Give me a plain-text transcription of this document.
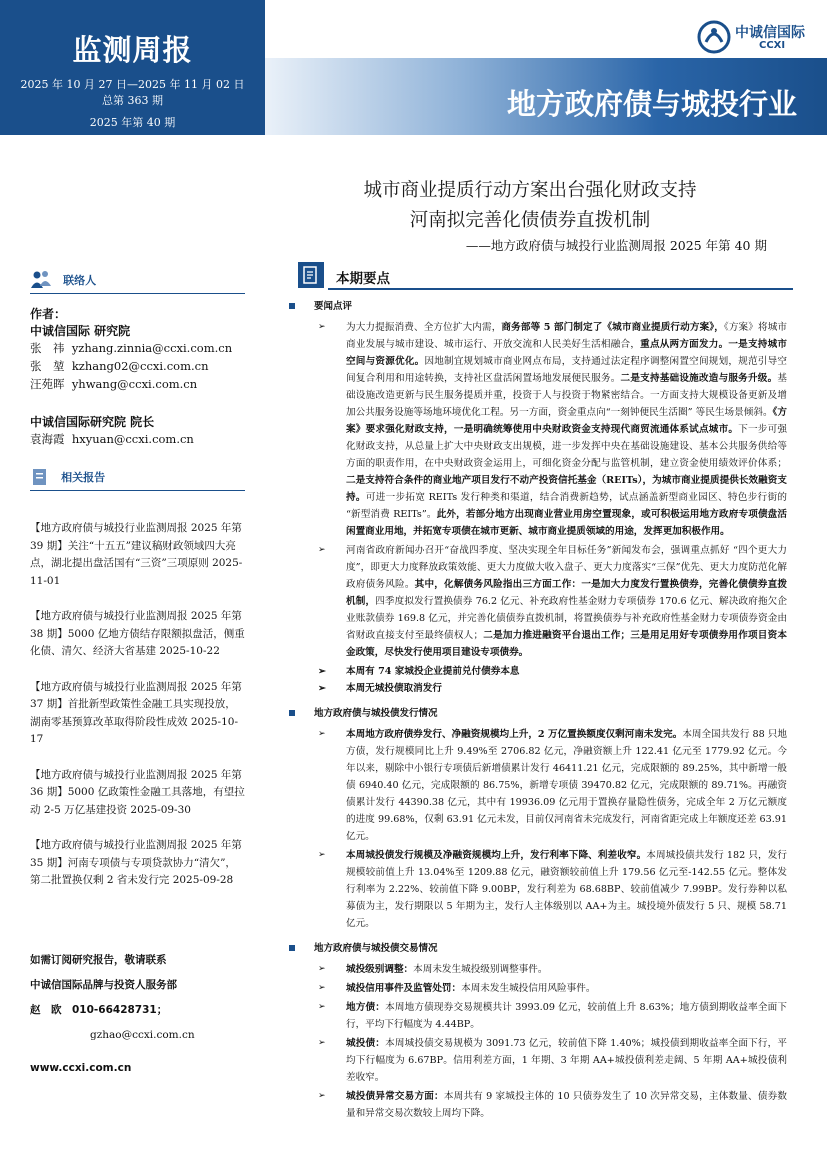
监测周报
2025 年 10 月 27 日—2025 年 11 月 02 日
总第 363 期
2025 年第 40 期
地方政府债与城投行业
中诚信国际
CCXI
城市商业提质行动方案出台强化财政支持
河南拟完善化债债券直拨机制
——地方政府债与城投行业监测周报 2025 年第 40 期
联络人
作者：
中诚信国际 研究院
张　祎 yzhang.zinnia@ccxi.com.cn
张　堃 kzhang02@ccxi.com.cn
汪苑晖 yhwang@ccxi.com.cn
中诚信国际研究院 院长
袁海霞 hxyuan@ccxi.com.cn
相关报告

【地方政府债与城投行业监测周报 2025 年第 39 期】关注“十五五”建议稿财政领域四大亮点，湖北提出盘活国有“三资”三项原则 2025-11-01

【地方政府债与城投行业监测周报 2025 年第 38 期】5000 亿地方债结存限额拟盘活，侧重化债、清欠、经济大省基建 2025-10-22

【地方政府债与城投行业监测周报 2025 年第 37 期】首批新型政策性金融工具实现投放，湖南零基预算改革取得阶段性成效 2025-10-17

【地方政府债与城投行业监测周报 2025 年第 36 期】5000 亿政策性金融工具落地，有望拉动 2-5 万亿基建投资 2025-09-30

【地方政府债与城投行业监测周报 2025 年第 35 期】河南专项债与专项贷款协力“清欠”，第二批置换仅剩 2 省未发行完 2025-09-28

如需订阅研究报告，敬请联系
中诚信国际品牌与投资人服务部
赵　欧　010-66428731；
gzhao@ccxi.com.cn
www.ccxi.com.cn
本期要点
要闻点评
➢ 为大力提振消费、全方位扩大内需，商务部等 5 部门制定了《城市商业提质行动方案》，《方案》将城市商业发展与城市建设、城市运行、开放交流和人民美好生活相融合，重点从两方面发力。一是支持城市空间与资源优化。因地制宜规划城市商业网点布局，支持通过法定程序调整闲置空间规划，规范引导空间复合利用和用途转换，支持社区盘活闲置场地发展便民服务。二是支持基础设施改造与服务升级。基础设施改造更新与民生服务提质并重，投资于人与投资于物紧密结合。一方面支持大规模设备更新及增加公共服务设施等场地环境优化工程。另一方面，资金重点向“一刻钟便民生活圈” 等民生场景倾斜。《方案》要求强化财政支持，一是明确统筹使用中央财政资金支持现代商贸流通体系试点城市。下一步可强化财政支持，从总量上扩大中央财政支出规模，进一步发挥中央在基础设施建设、基本公共服务供给等方面的职责作用，在中央财政资金运用上，可细化资金分配与监管机制，建立资金使用绩效评价体系；二是支持符合条件的商业地产项目发行不动产投资信托基金（REITs），为城市商业提质提供长效融资支持。可进一步拓宽 REITs 发行种类和渠道，结合消费新趋势，试点涵盖新型商业园区、特色步行街的 “新型消费 REITs”。此外，若部分地方出现商业营业用房空置现象，或可积极运用地方政府专项债盘活闲置商业用地，并拓宽专项债在城市更新、城市商业提质领域的用途，发挥更加积极作用。
➢ 河南省政府新闻办召开“奋战四季度、坚决实现全年目标任务”新闻发布会，强调重点抓好 “四个更大力度”，即更大力度释放政策效能、更大力度做大收入盘子、更大力度落实“三保”优先、更大力度防范化解政府债务风险。其中，化解债务风险指出三方面工作：一是加大力度发行置换债券，完善化债债券直拨机制，四季度拟发行置换债券 76.2 亿元、补充政府性基金财力专项债券 170.6 亿元、解决政府拖欠企业账款债券 169.8 亿元，并完善化债债券直拨机制，将置换债券与补充政府性基金财力专项债券资金由省财政直接支付至最终债权人；二是加力推进融资平台退出工作；三是用足用好专项债券用作项目资本金政策，尽快发行使用项目建设专项债券。
➢ 本周有 74 家城投企业提前兑付债券本息
➢ 本周无城投债取消发行
地方政府债与城投债发行情况
➢ 本周地方政府债券发行、净融资规模均上升，2 万亿置换额度仅剩河南未发完。本周全国共发行 88 只地方债，发行规模同比上升 9.49%至 2706.82 亿元，净融资额上升 122.41 亿元至 1779.92 亿元。今年以来，剔除中小银行专项债后新增债累计发行 46411.21 亿元，完成限额的 89.25%，其中新增一般债 6940.40 亿元，完成限额的 86.75%，新增专项债 39470.82 亿元，完成限额的 89.71%。再融资债累计发行 44390.38 亿元，其中有 19936.09 亿元用于置换存量隐性债务，完成全年 2 万亿元额度的进度 99.68%，仅剩 63.91 亿元未发，目前仅河南省未完成发行，河南省距完成上年额度还差 63.91 亿元。
➢ 本周城投债发行规模及净融资规模均上升，发行利率下降、利差收窄。本周城投债共发行 182 只，发行规模较前值上升 13.04%至 1209.88 亿元，融资额较前值上升 179.56 亿元至-142.55 亿元。整体发行利率为 2.22%、较前值下降 9.00BP，发行利差为 68.68BP、较前值减少 7.99BP。发行券种以私募债为主，发行期限以 5 年期为主，发行人主体级别以 AA+为主。城投境外债发行 5 只、规模 58.71 亿元。
地方政府债与城投债交易情况
➢ 城投级别调整：本周未发生城投级别调整事件。
➢ 城投信用事件及监管处罚：本周未发生城投信用风险事件。
➢ 地方债：本周地方债现券交易规模共计 3993.09 亿元，较前值上升 8.63%；地方债到期收益率全面下行，平均下行幅度为 4.44BP。
➢ 城投债：本周城投债交易规模为 3091.73 亿元，较前值下降 1.40%；城投债到期收益率全面下行，平均下行幅度为 6.67BP。信用利差方面，1 年期、3 年期 AA+城投债利差走阔、5 年期 AA+城投债利差收窄。
➢ 城投债异常交易方面：本周共有 9 家城投主体的 10 只债券发生了 10 次异常交易，主体数量、债券数量和异常交易次数较上周均下降。
